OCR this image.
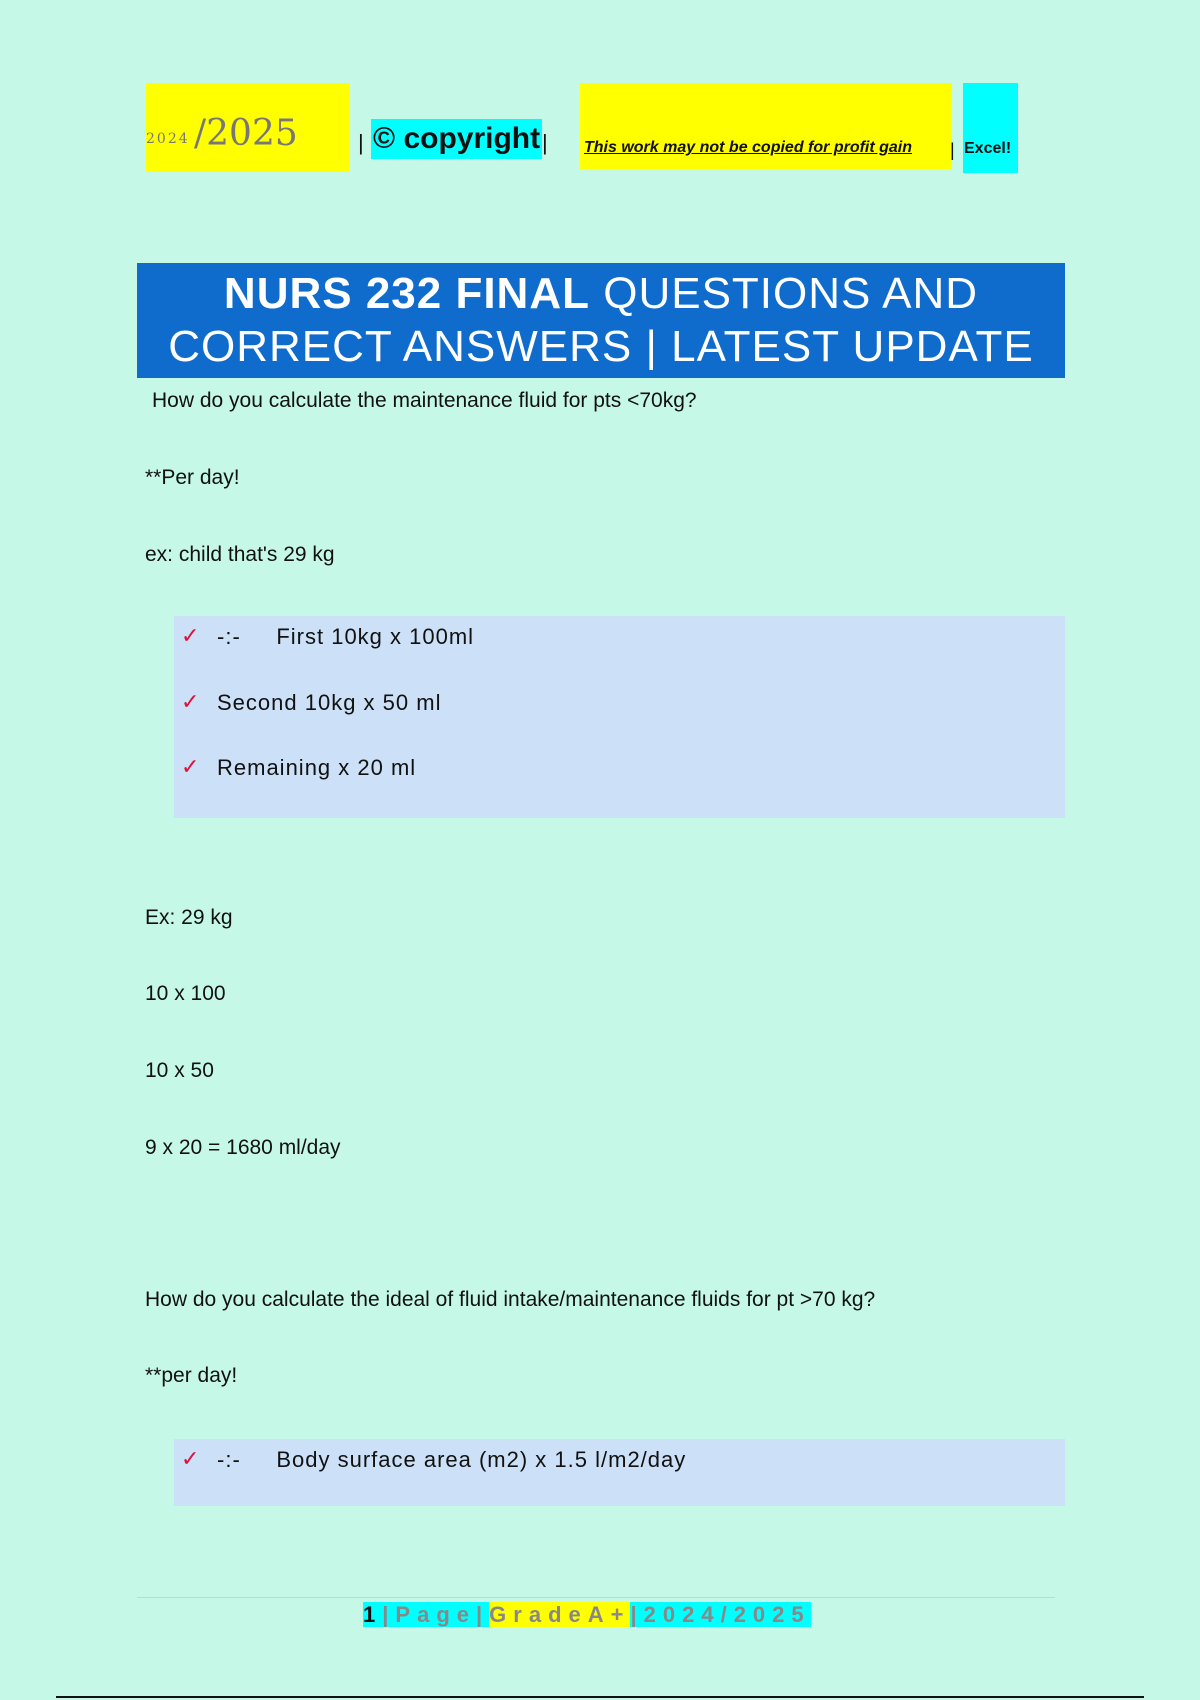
2024 /2025	| © copyright | This work may not be copied for profit gain | Excel!
NURS 232 FINAL QUESTIONS AND
CORRECT ANSWERS | LATEST UPDATE
How do you calculate the maintenance fluid for pts <70kg?
**Per day!
ex: child that's 29 kg
✓ -:-     First 10kg x 100ml
✓ Second 10kg x 50 ml
✓ Remaining x 20 ml
Ex: 29 kg
10 x 100
10 x 50
9 x 20 = 1680 ml/day
How do you calculate the ideal of fluid intake/maintenance fluids for pt >70 kg?
**per day!
✓ -:-     Body surface area (m2) x 1.5 l/m2/day
1|Page|GradeA+|2024/2025
